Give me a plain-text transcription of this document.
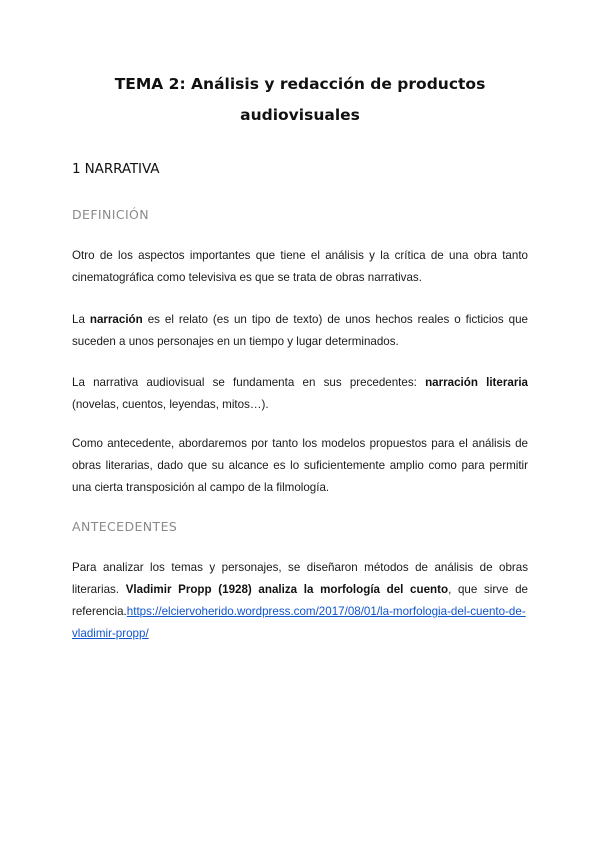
TEMA 2: Análisis y redacción de productos
audiovisuales
1 NARRATIVA
DEFINICIÓN
Otro de los aspectos importantes que tiene el análisis y la crítica de una obra tanto cinematográfica como televisiva es que se trata de obras narrativas.
La narración es el relato (es un tipo de texto) de unos hechos reales o ficticios que suceden a unos personajes en un tiempo y lugar determinados.
La narrativa audiovisual se fundamenta en sus precedentes: narración literaria (novelas, cuentos, leyendas, mitos…).
Como antecedente, abordaremos por tanto los modelos propuestos para el análisis de obras literarias, dado que su alcance es lo suficientemente amplio como para permitir una cierta transposición al campo de la filmología.
ANTECEDENTES
Para analizar los temas y personajes, se diseñaron métodos de análisis de obras literarias. Vladimir Propp (1928) analiza la morfología del cuento, que sirve de referencia.https://elciervoherido.wordpress.com/2017/08/01/la-morfologia-del-cuento-de-vladimir-propp/
